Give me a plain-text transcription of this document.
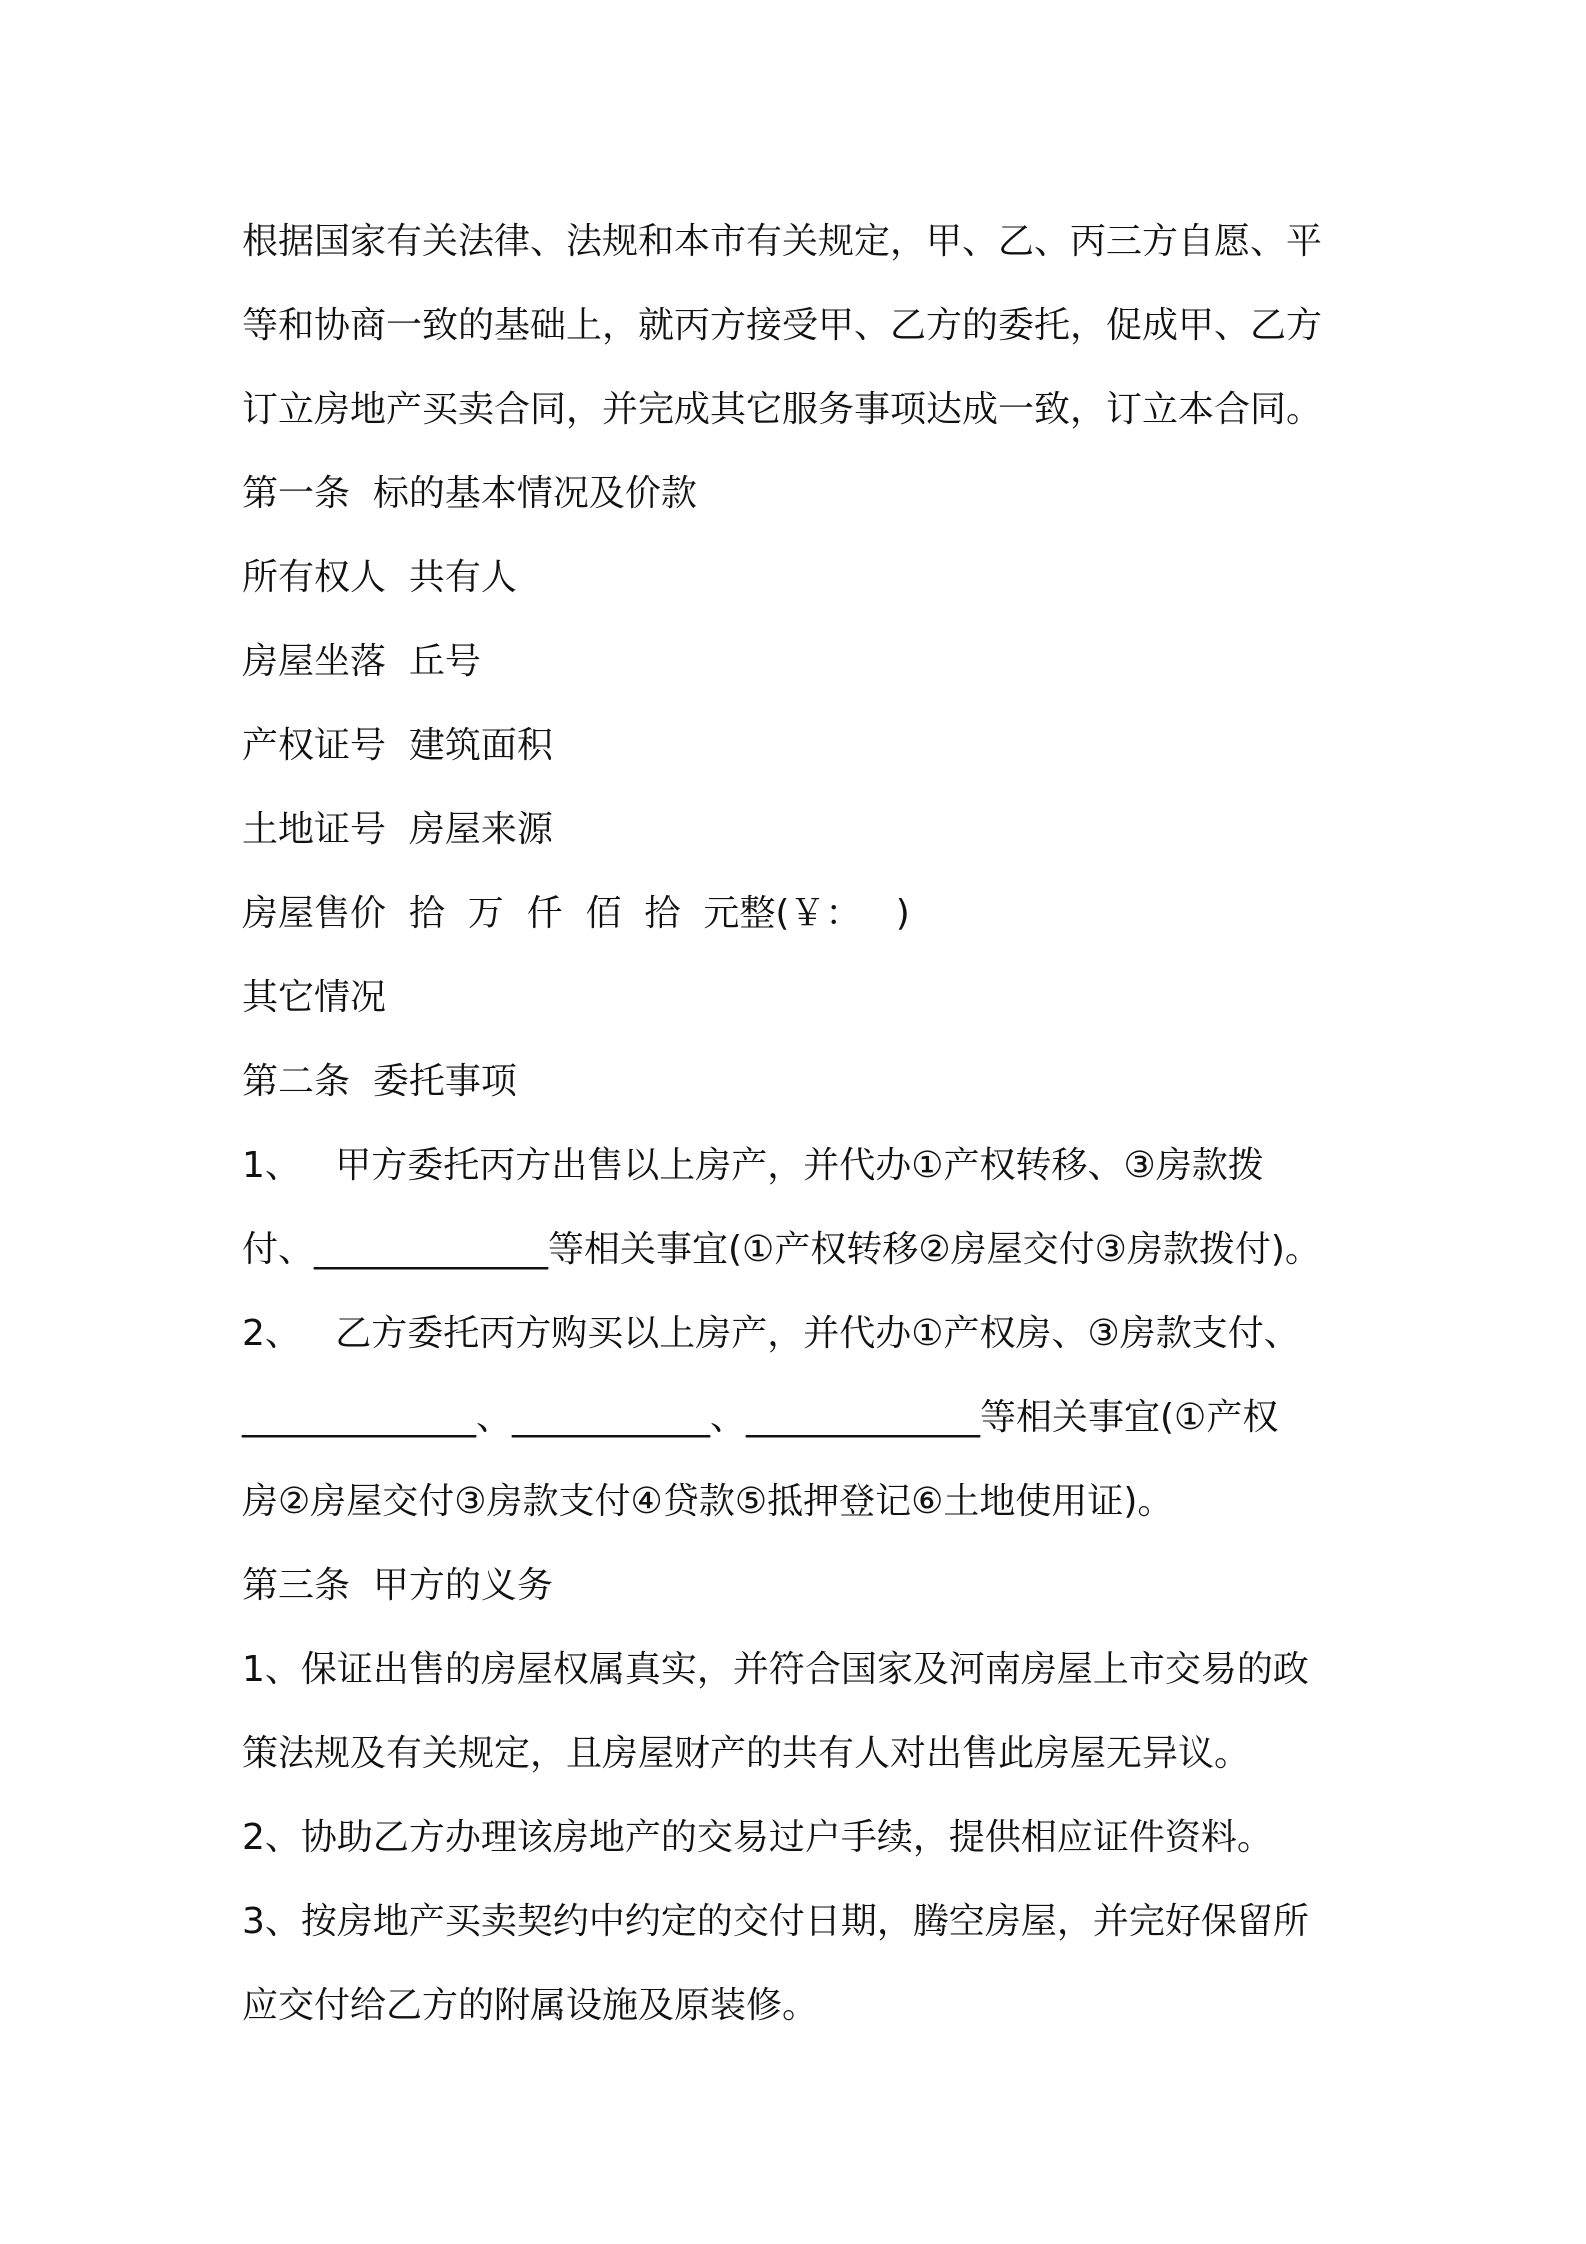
根据国家有关法律、法规和本市有关规定，甲、乙、丙三方自愿、平
等和协商一致的基础上，就丙方接受甲、乙方的委托，促成甲、乙方
订立房地产买卖合同，并完成其它服务事项达成一致，订立本合同。
第一条  标的基本情况及价款
所有权人  共有人
房屋坐落  丘号
产权证号  建筑面积
土地证号  房屋来源
房屋售价  拾  万  仟  佰  拾  元整(￥：   )
其它情况
第二条  委托事项
1、   甲方委托丙方出售以上房产，并代办①产权转移、③房款拨
付、_____________等相关事宜(①产权转移②房屋交付③房款拨付)。
2、   乙方委托丙方购买以上房产，并代办①产权房、③房款支付、
_____________、___________、_____________等相关事宜(①产权
房②房屋交付③房款支付④贷款⑤抵押登记⑥土地使用证)。
第三条  甲方的义务
1、保证出售的房屋权属真实，并符合国家及河南房屋上市交易的政
策法规及有关规定，且房屋财产的共有人对出售此房屋无异议。
2、协助乙方办理该房地产的交易过户手续，提供相应证件资料。
3、按房地产买卖契约中约定的交付日期，腾空房屋，并完好保留所
应交付给乙方的附属设施及原装修。
